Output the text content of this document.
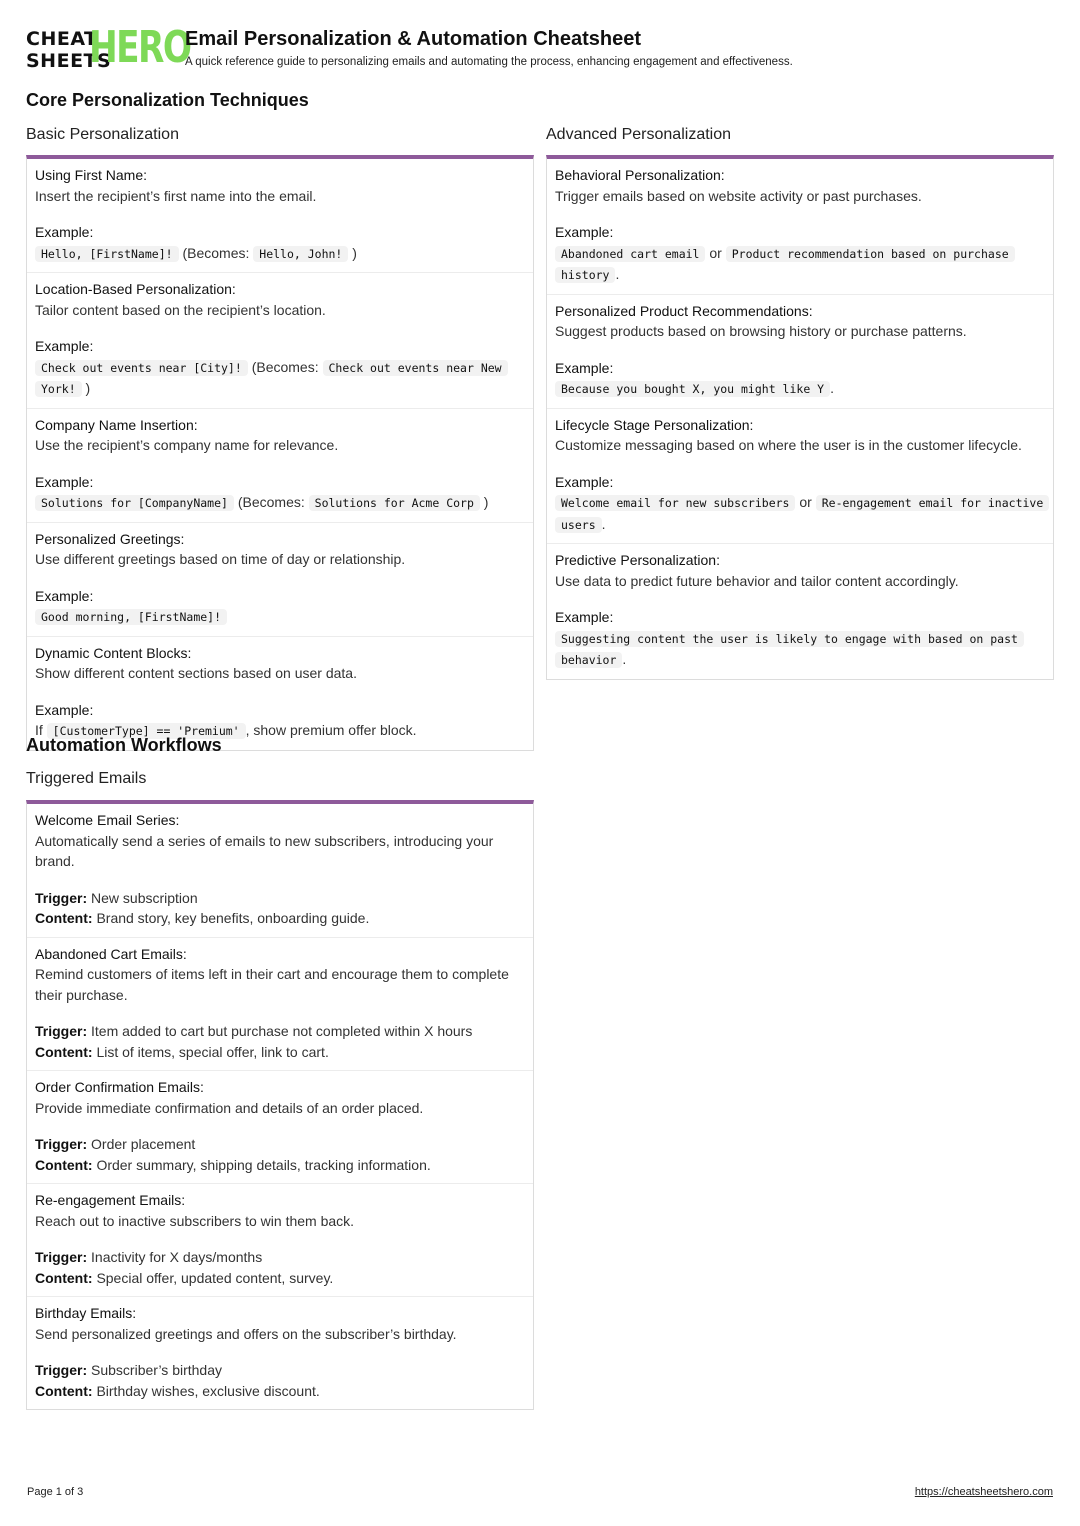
CHEAT
SHEETS
HERO
Email Personalization & Automation Cheatsheet
A quick reference guide to personalizing emails and automating the process, enhancing engagement and effectiveness.
Core Personalization Techniques
Basic Personalization
Using First Name:
Insert the recipient’s first name into the email.
Example:
Hello, [FirstName]! (Becomes: Hello, John! )
Location-Based Personalization:
Tailor content based on the recipient’s location.
Example:
Check out events near [City]! (Becomes: Check out events near New York! )
Company Name Insertion:
Use the recipient’s company name for relevance.
Example:
Solutions for [CompanyName] (Becomes: Solutions for Acme Corp )
Personalized Greetings:
Use different greetings based on time of day or relationship.
Example:
Good morning, [FirstName]!
Dynamic Content Blocks:
Show different content sections based on user data.
Example:
If [CustomerType] == 'Premium' , show premium offer block.
Advanced Personalization
Behavioral Personalization:
Trigger emails based on website activity or past purchases.
Example:
Abandoned cart email or Product recommendation based on purchase history .
Personalized Product Recommendations:
Suggest products based on browsing history or purchase patterns.
Example:
Because you bought X, you might like Y .
Lifecycle Stage Personalization:
Customize messaging based on where the user is in the customer lifecycle.
Example:
Welcome email for new subscribers or Re-engagement email for inactive users .
Predictive Personalization:
Use data to predict future behavior and tailor content accordingly.
Example:
Suggesting content the user is likely to engage with based on past behavior .
Automation Workflows
Triggered Emails
Welcome Email Series:
Automatically send a series of emails to new subscribers, introducing your brand.
Trigger: New subscription
Content: Brand story, key benefits, onboarding guide.
Abandoned Cart Emails:
Remind customers of items left in their cart and encourage them to complete their purchase.
Trigger: Item added to cart but purchase not completed within X hours
Content: List of items, special offer, link to cart.
Order Confirmation Emails:
Provide immediate confirmation and details of an order placed.
Trigger: Order placement
Content: Order summary, shipping details, tracking information.
Re-engagement Emails:
Reach out to inactive subscribers to win them back.
Trigger: Inactivity for X days/months
Content: Special offer, updated content, survey.
Birthday Emails:
Send personalized greetings and offers on the subscriber’s birthday.
Trigger: Subscriber’s birthday
Content: Birthday wishes, exclusive discount.
Page 1 of 3	https://cheatsheetshero.com
